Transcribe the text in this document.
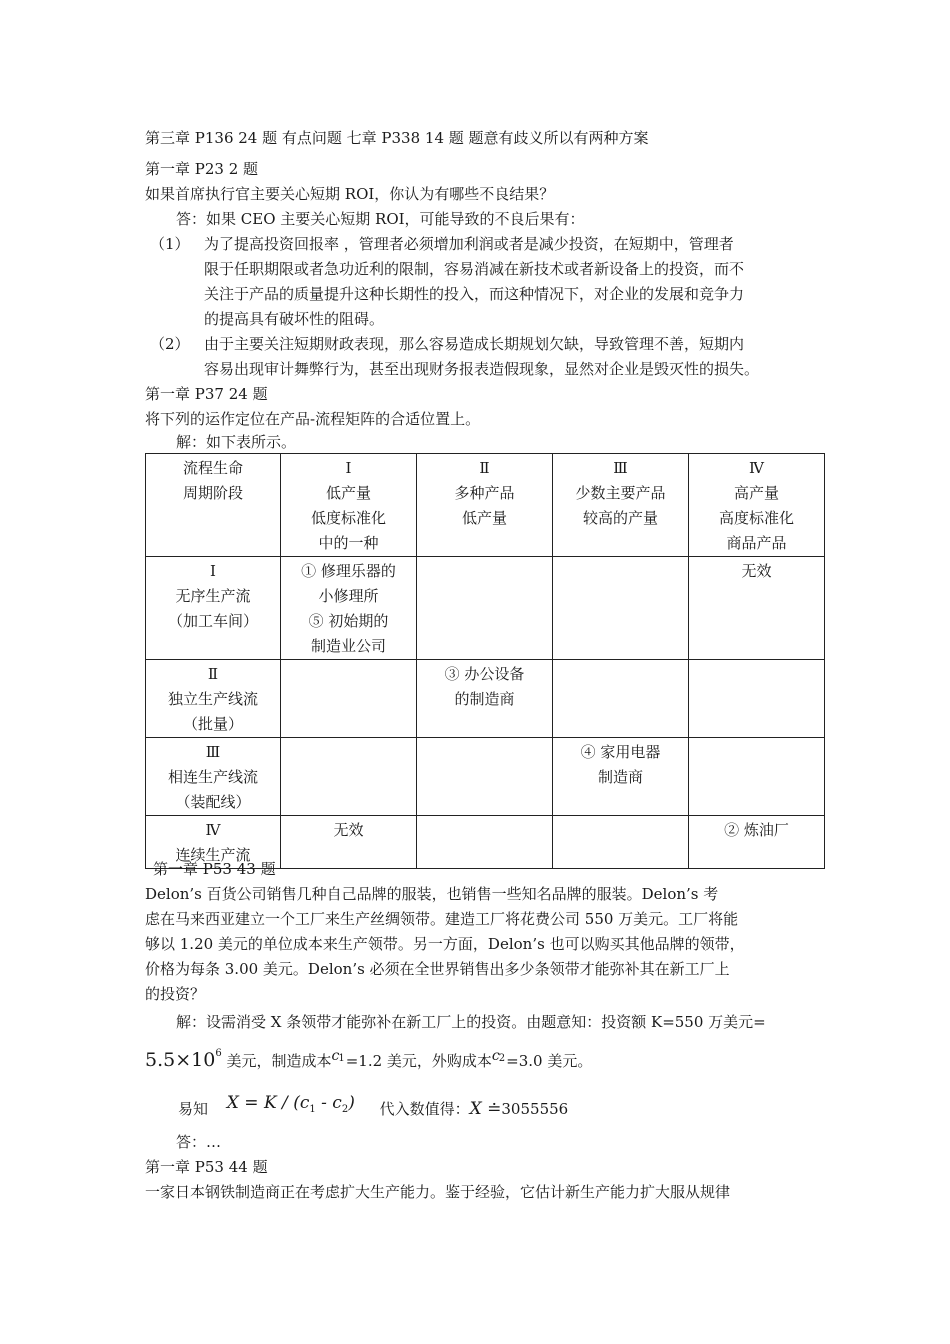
第三章 P136 24 题 有点问题 七章 P338 14 题 题意有歧义所以有两种方案
第一章 P23 2 题
如果首席执行官主要关心短期 ROI，你认为有哪些不良结果？
答：如果 CEO 主要关心短期 ROI，可能导致的不良后果有：
（1） 为了提高投资回报率 ，管理者必须增加利润或者是减少投资，在短期中，管理者
限于任职期限或者急功近利的限制，容易消减在新技术或者新设备上的投资，而不
关注于产品的质量提升这种长期性的投入，而这种情况下，对企业的发展和竞争力
的提高具有破坏性的阻碍。
（2） 由于主要关注短期财政表现，那么容易造成长期规划欠缺，导致管理不善，短期内
容易出现审计舞弊行为，甚至出现财务报表造假现象，显然对企业是毁灭性的损失。
第一章 P37 24 题
将下列的运作定位在产品-流程矩阵的合适位置上。
解：如下表所示。
流程生命
周期阶段	Ⅰ
低产量
低度标准化
中的一种	Ⅱ
多种产品
低产量	Ⅲ
少数主要产品
较高的产量	Ⅳ
高产量
高度标准化
商品产品

Ⅰ
无序生产流
（加工车间）	① 修理乐器的
小修理所
⑤ 初始期的
制造业公司			无效

Ⅱ
独立生产线流
（批量）		③ 办公设备
的制造商		

Ⅲ
相连生产线流
（装配线）			④ 家用电器
制造商	

Ⅳ
连续生产流	无效			② 炼油厂
第一章 P53 43 题
Delon’s 百货公司销售几种自己品牌的服装，也销售一些知名品牌的服装。Delon’s 考
虑在马来西亚建立一个工厂来生产丝绸领带。建造工厂将花费公司 550 万美元。工厂将能
够以 1.20 美元的单位成本来生产领带。另一方面，Delon’s 也可以购买其他品牌的领带，
价格为每条 3.00 美元。Delon’s 必须在全世界销售出多少条领带才能弥补其在新工厂上
的投资？
解：设需消受 X 条领带才能弥补在新工厂上的投资。由题意知：投资额 K=550 万美元=
$5.5\times 10^6$ 美元，制造成本$c_1=1.2$ 美元，外购成本$c_2=3.0$ 美元。
易知 $X = K / (c_1 - c_2)$ 代入数值得：X ≐3055556
答：…
第一章 P53 44 题
一家日本钢铁制造商正在考虑扩大生产能力。鉴于经验，它估计新生产能力扩大服从规律
